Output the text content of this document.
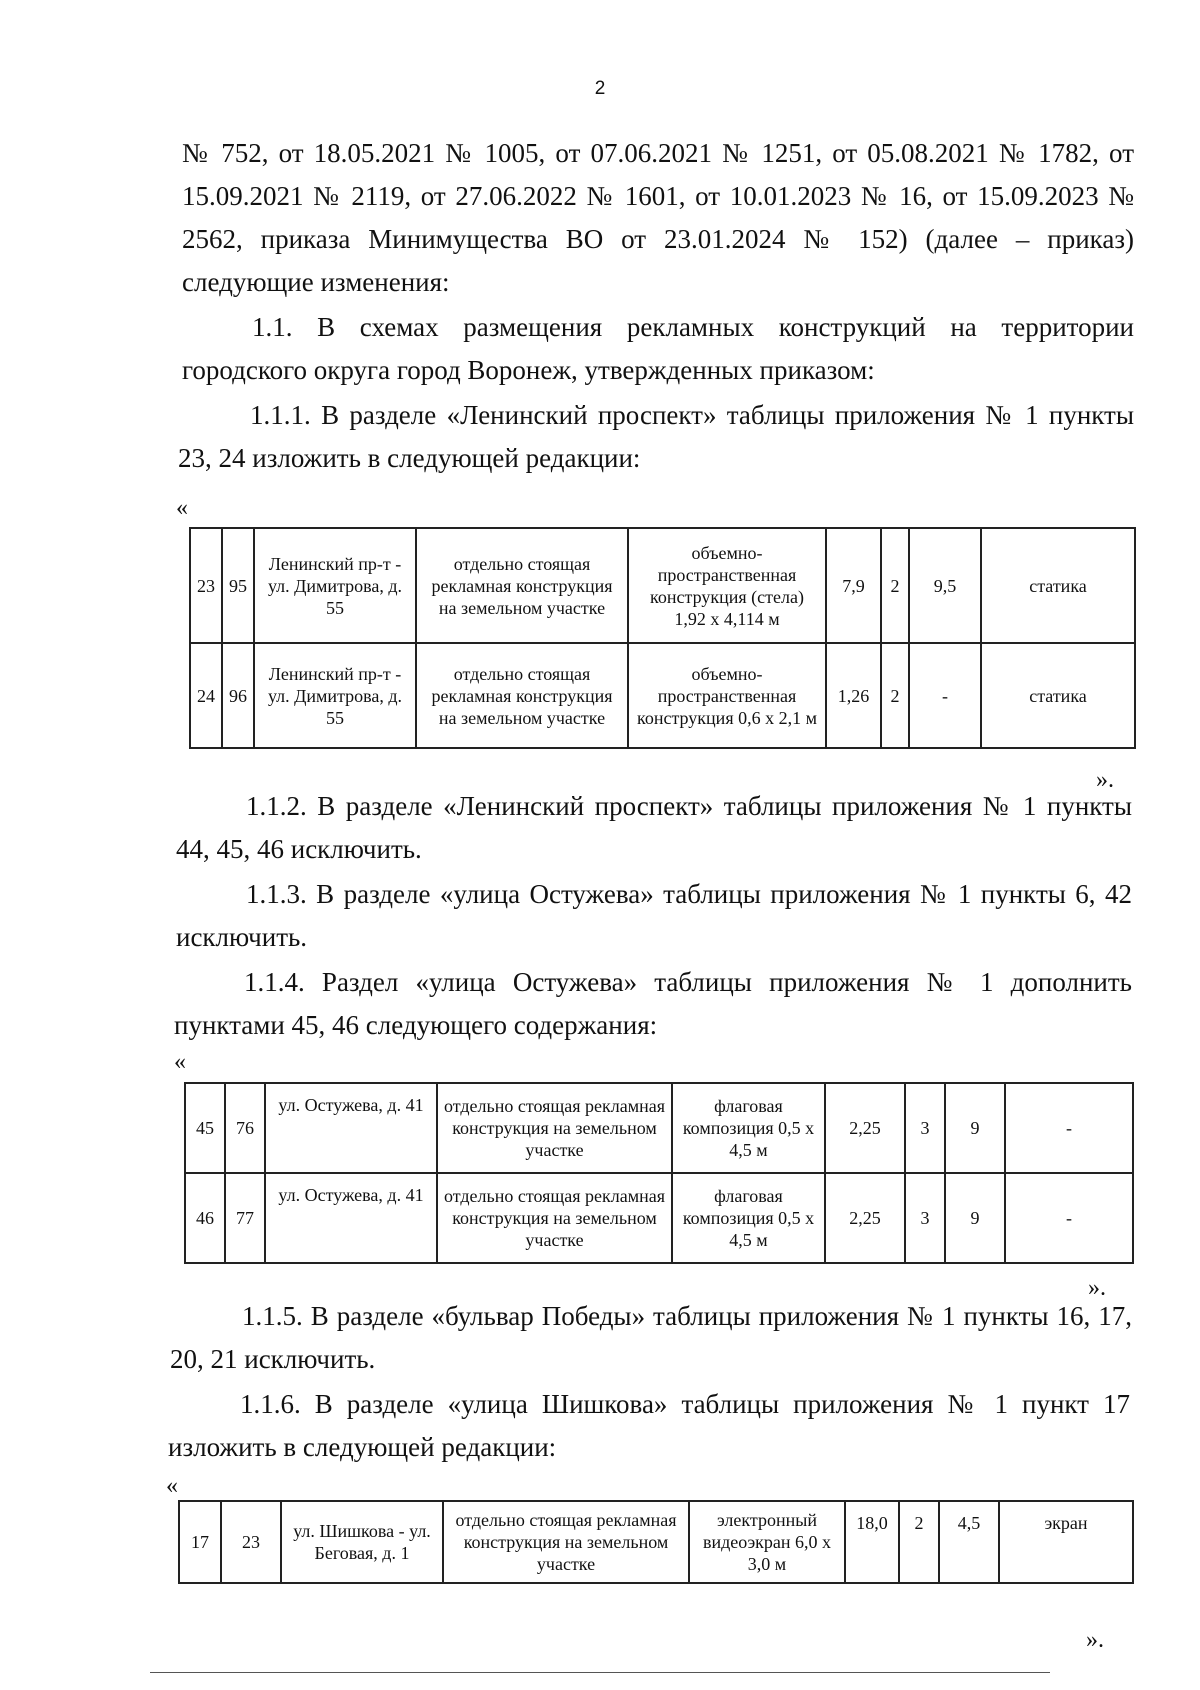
2

№ 752, от 18.05.2021 № 1005, от 07.06.2021 № 1251, от 05.08.2021 № 1782, от 15.09.2021 № 2119, от 27.06.2022 № 1601, от 10.01.2023 № 16, от 15.09.2023 № 2562, приказа Минимущества ВО от 23.01.2024 № 152) (далее – приказ) следующие изменения:

1.1. В схемах размещения рекламных конструкций на территории городского округа город Воронеж, утвержденных приказом:

1.1.1. В разделе «Ленинский проспект» таблицы приложения № 1 пункты 23, 24 изложить в следующей редакции:

«
23	95	Ленинский пр-т - ул. Димитрова, д. 55	отдельно стоящая рекламная конструкция на земельном участке	объемно-пространственная конструкция (стела) 1,92 х 4,114 м	7,9	2	9,5	статика
24	96	Ленинский пр-т - ул. Димитрова, д. 55	отдельно стоящая рекламная конструкция на земельном участке	объемно-пространственная конструкция 0,6 х 2,1 м	1,26	2	-	статика
».

1.1.2. В разделе «Ленинский проспект» таблицы приложения № 1 пункты 44, 45, 46 исключить.

1.1.3. В разделе «улица Остужева» таблицы приложения № 1 пункты 6, 42 исключить.

1.1.4. Раздел «улица Остужева» таблицы приложения № 1 дополнить пунктами 45, 46 следующего содержания:

«
45	76	ул. Остужева, д. 41	отдельно стоящая рекламная конструкция на земельном участке	флаговая композиция 0,5 х 4,5 м	2,25	3	9	-
46	77	ул. Остужева, д. 41	отдельно стоящая рекламная конструкция на земельном участке	флаговая композиция 0,5 х 4,5 м	2,25	3	9	-
».

1.1.5. В разделе «бульвар Победы» таблицы приложения № 1 пункты 16, 17, 20, 21 исключить.

1.1.6. В разделе «улица Шишкова» таблицы приложения № 1 пункт 17 изложить в следующей редакции:

«
17	23	ул. Шишкова - ул. Беговая, д. 1	отдельно стоящая рекламная конструкция на земельном участке	электронный видеоэкран 6,0 х 3,0 м	18,0	2	4,5	экран
».
